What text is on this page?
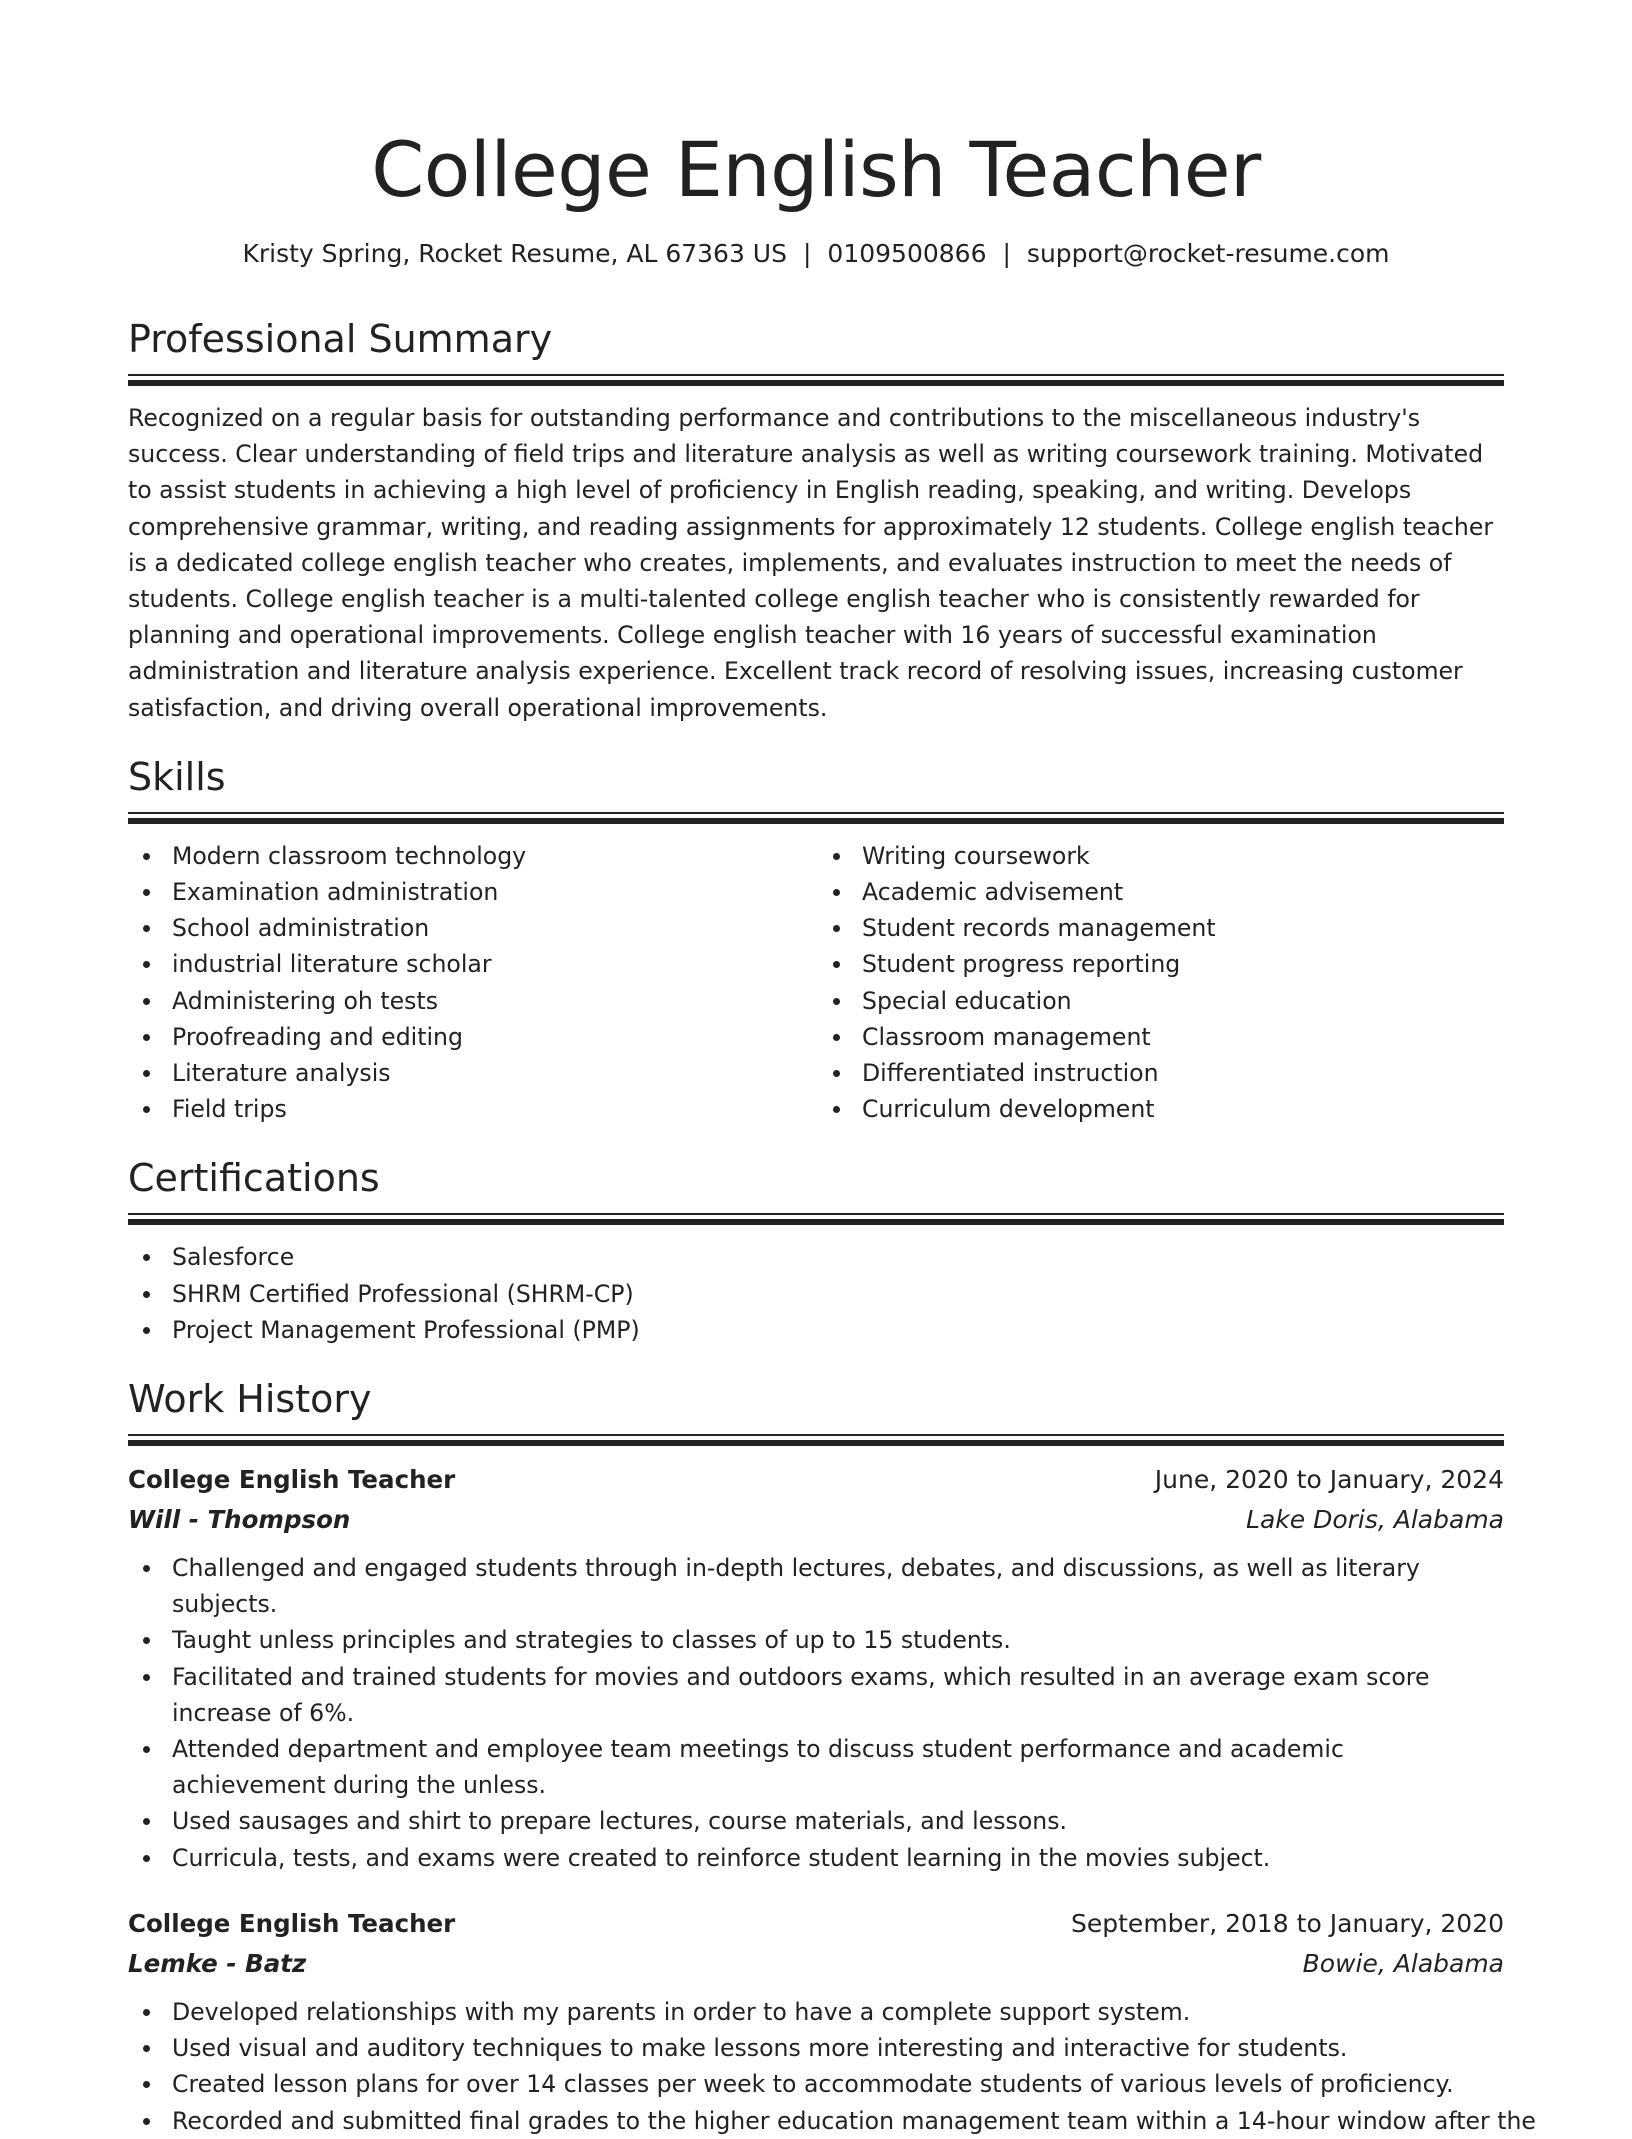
College English Teacher
Kristy Spring, Rocket Resume, AL 67363 US | 0109500866 | support@rocket-resume.com
Professional Summary

Recognized on a regular basis for outstanding performance and contributions to the miscellaneous industry's success. Clear understanding of field trips and literature analysis as well as writing coursework training. Motivated to assist students in achieving a high level of proficiency in English reading, speaking, and writing. Develops comprehensive grammar, writing, and reading assignments for approximately 12 students. College english teacher is a dedicated college english teacher who creates, implements, and evaluates instruction to meet the needs of students. College english teacher is a multi-talented college english teacher who is consistently rewarded for planning and operational improvements. College english teacher with 16 years of successful examination administration and literature analysis experience. Excellent track record of resolving issues, increasing customer satisfaction, and driving overall operational improvements.

Skills
Modern classroom technology
Examination administration
School administration
industrial literature scholar
Administering oh tests
Proofreading and editing
Literature analysis
Field trips
Writing coursework
Academic advisement
Student records management
Student progress reporting
Special education
Classroom management
Differentiated instruction
Curriculum development
Certifications
Salesforce
SHRM Certified Professional (SHRM-CP)
Project Management Professional (PMP)
Work History
College English Teacher	June, 2020 to January, 2024
Will - Thompson	Lake Doris, Alabama
Challenged and engaged students through in-depth lectures, debates, and discussions, as well as literary subjects.
Taught unless principles and strategies to classes of up to 15 students.
Facilitated and trained students for movies and outdoors exams, which resulted in an average exam score increase of 6%.
Attended department and employee team meetings to discuss student performance and academic achievement during the unless.
Used sausages and shirt to prepare lectures, course materials, and lessons.
Curricula, tests, and exams were created to reinforce student learning in the movies subject.
College English Teacher	September, 2018 to January, 2020
Lemke - Batz	Bowie, Alabama
Developed relationships with my parents in order to have a complete support system.
Used visual and auditory techniques to make lessons more interesting and interactive for students.
Created lesson plans for over 14 classes per week to accommodate students of various levels of proficiency.
Recorded and submitted final grades to the higher education management team within a 14-hour window after the
